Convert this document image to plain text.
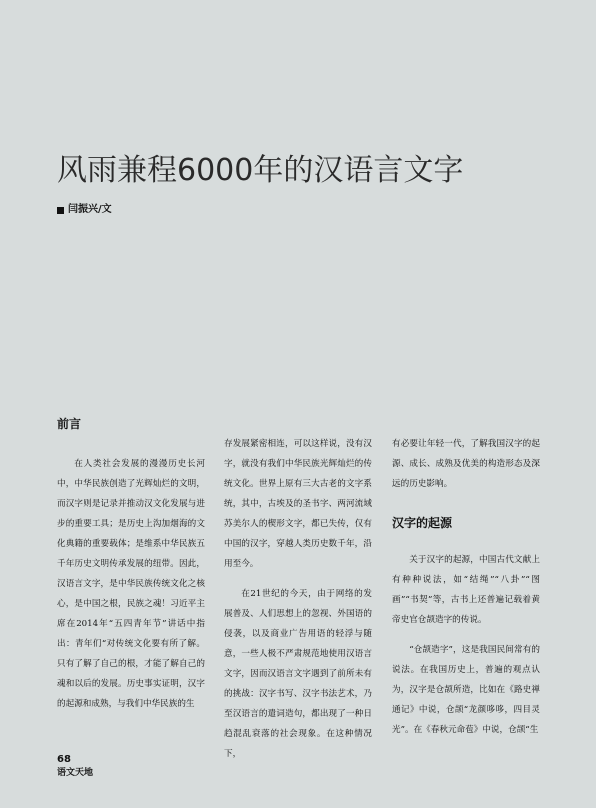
风雨兼程6000年的汉语言文字
闫振兴/文
前言

在人类社会发展的漫漫历史长河中，中华民族创造了光辉灿烂的文明，而汉字则是记录并推动汉文化发展与进步的重要工具；是历史上沟加烟海的文化典籍的重要载体；是维系中华民族五千年历史文明传承发展的纽带。因此，汉语言文字，是中华民族传统文化之核心，是中国之根，民族之魂！习近平主席在2014年“五四青年节”讲话中指出：青年们“对传统文化要有所了解。只有了解了自己的根，才能了解自己的魂和以后的发展。历史事实证明，汉字的起源和成熟，与我们中华民族的生

存发展紧密相连，可以这样说，没有汉字，就没有我们中华民族光辉灿烂的传统文化。世界上原有三大古老的文字系统，其中，古埃及的圣书字、两河流域苏美尔人的楔形文字，都已失传，仅有中国的汉字，穿越人类历史数千年，沿用至今。

在21世纪的今天，由于网络的发展普及、人们思想上的忽视、外国语的侵袭，以及商业广告用语的轻浮与随意，一些人极不严肃规范地使用汉语言文字，因而汉语言文字遇到了前所未有的挑战：汉字书写、汉字书法艺术，乃至汉语言的遣词造句，都出现了一种日趋混乱衰落的社会现象。在这种情况下，

有必要让年轻一代，了解我国汉字的起源、成长、成熟及优美的构造形态及深远的历史影响。

汉字的起源

关于汉字的起源，中国古代文献上有种种说法，如“结绳”“八卦”“图画”“书契”等，古书上还普遍记载着黄帝史官仓颉造字的传说。

“仓颉造字”，这是我国民间常有的说法。在我国历史上，普遍的观点认为，汉字是仓颉所造，比如在《路史禅通记》中说，仓颉“龙颜哆哆，四目灵光”。在《春秋元命苞》中说，仓颉“生

68
语文天地
